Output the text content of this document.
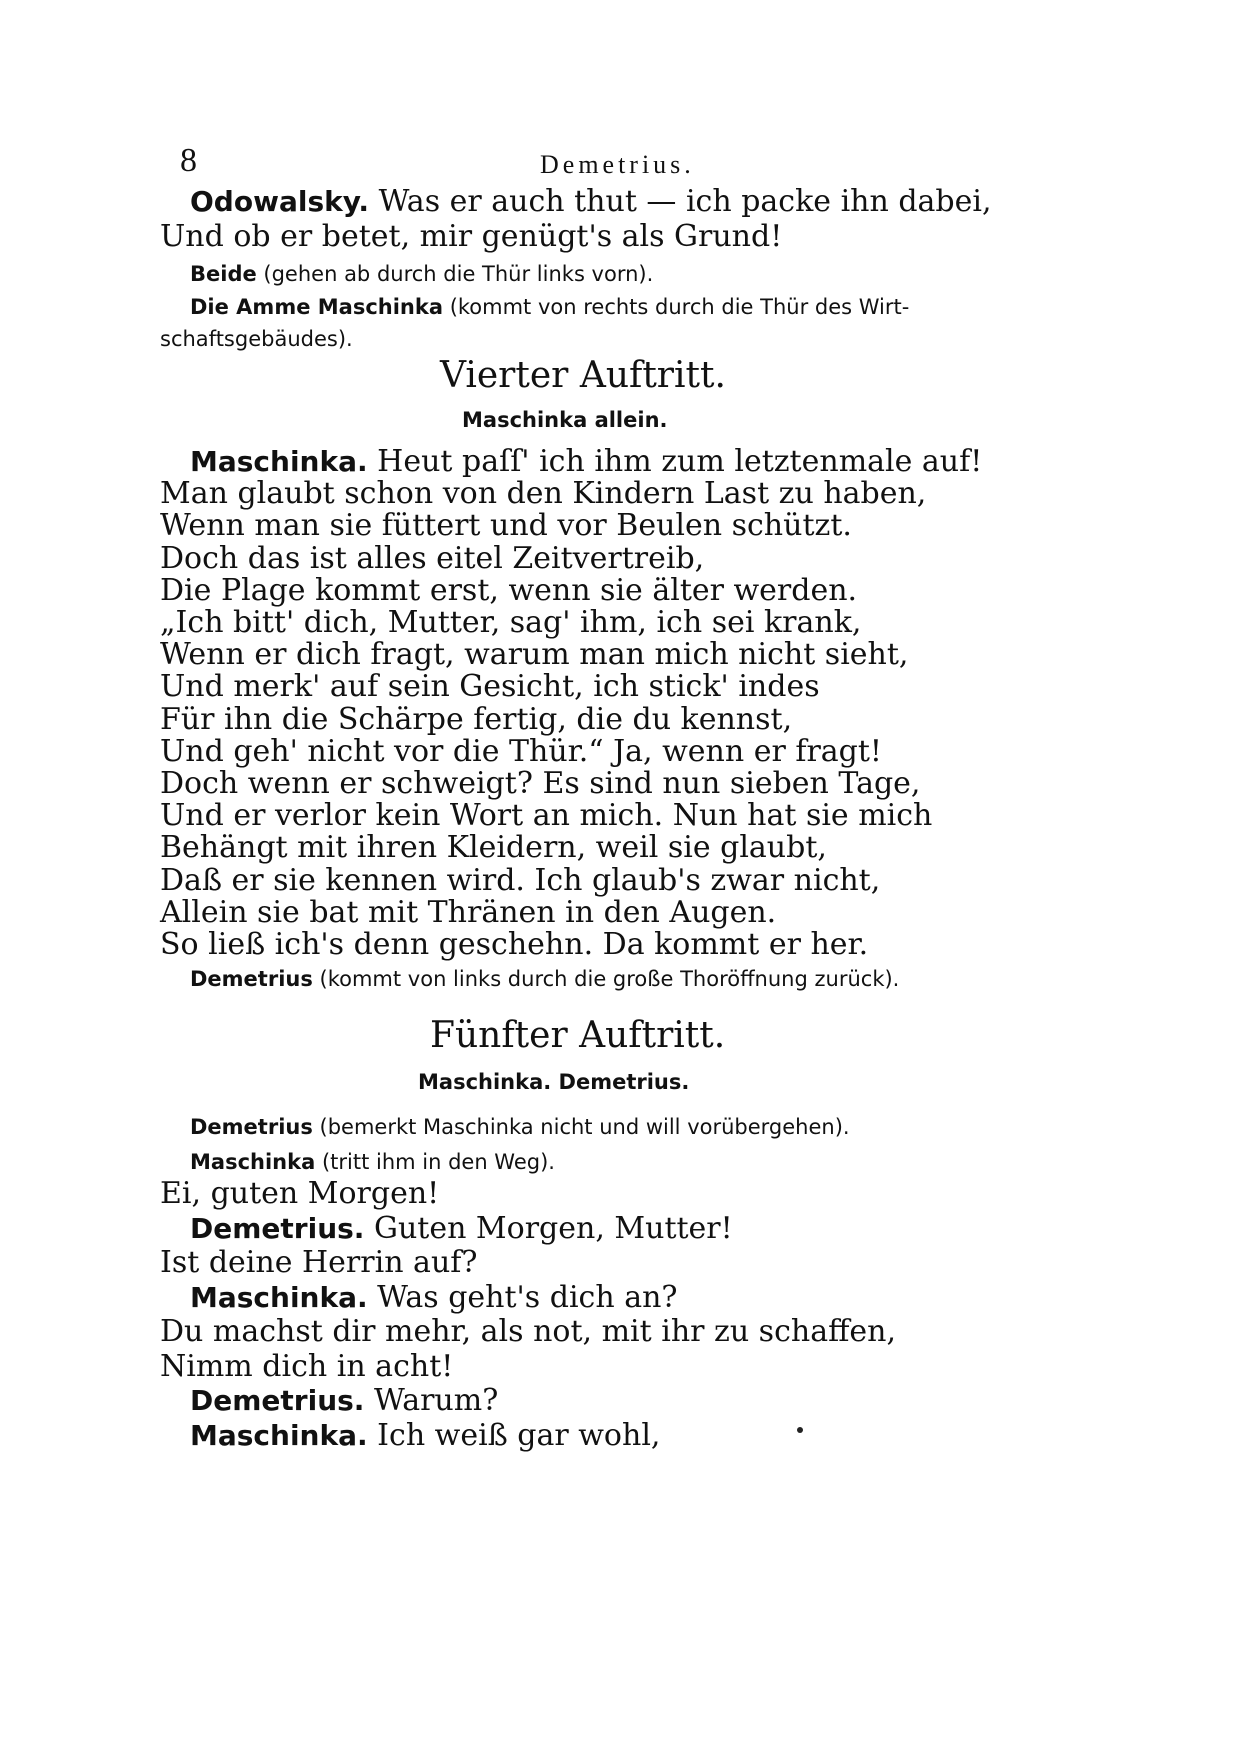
8	Demetrius.
Odowalsky. Was er auch thut — ich packe ihn dabei,
Und ob er betet, mir genügt's als Grund!
Beide (gehen ab durch die Thür links vorn).
Die Amme Maschinka (kommt von rechts durch die Thür des Wirt-
schaftsgebäudes).
Vierter Auftritt.
Maschinka allein.
Maschinka. Heut paſſ' ich ihm zum letztenmale auf!
Man glaubt schon von den Kindern Last zu haben,
Wenn man sie füttert und vor Beulen schützt.
Doch das ist alles eitel Zeitvertreib,
Die Plage kommt erst, wenn sie älter werden.
„Ich bitt' dich, Mutter, sag' ihm, ich sei krank,
Wenn er dich fragt, warum man mich nicht sieht,
Und merk' auf sein Gesicht, ich stick' indes
Für ihn die Schärpe fertig, die du kennst,
Und geh' nicht vor die Thür.“ Ja, wenn er fragt!
Doch wenn er schweigt? Es sind nun sieben Tage,
Und er verlor kein Wort an mich. Nun hat sie mich
Behängt mit ihren Kleidern, weil sie glaubt,
Daß er sie kennen wird. Ich glaub's zwar nicht,
Allein sie bat mit Thränen in den Augen.
So ließ ich's denn geschehn. Da kommt er her.
Demetrius (kommt von links durch die große Thoröffnung zurück).
Fünfter Auftritt.
Maschinka. Demetrius.
Demetrius (bemerkt Maschinka nicht und will vorübergehen).
Maschinka (tritt ihm in den Weg).
Ei, guten Morgen!
Demetrius. Guten Morgen, Mutter!
Ist deine Herrin auf?
Maschinka. Was geht's dich an?
Du machst dir mehr, als not, mit ihr zu schaffen,
Nimm dich in acht!
Demetrius. Warum?
Maschinka. Ich weiß gar wohl,
